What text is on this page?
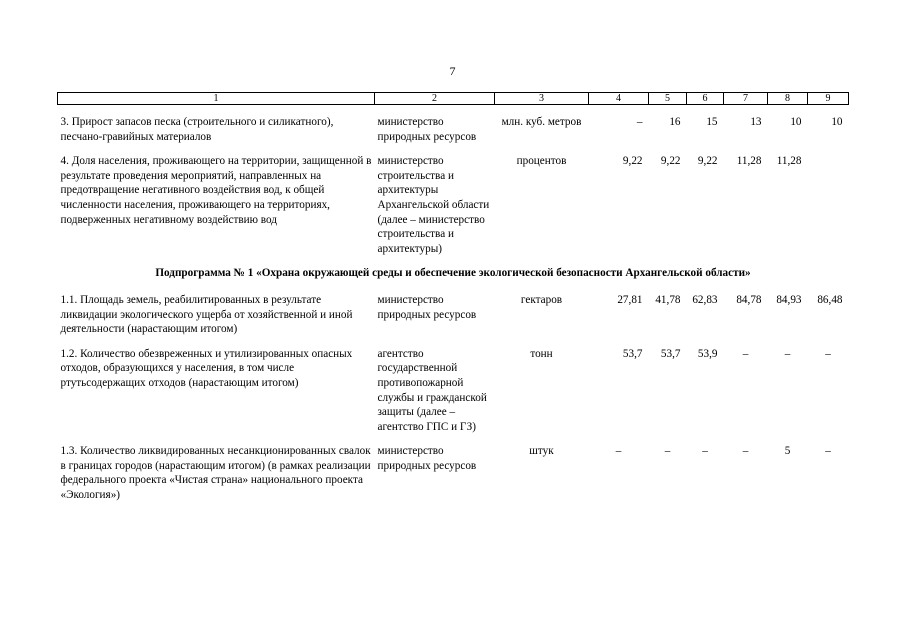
7
1	2	3	4	5	6	7	8	9

3. Прирост запасов песка (строительного и силикатного), песчано-гравийных материалов	министерство природных ресурсов	млн. куб. метров	–	16	15	13	10	10

4. Доля населения, проживающего на территории, защищенной в результате проведения мероприятий, направленных на предотвращение негативного воздействия вод, к общей численности населения, проживающего на территориях, подверженных негативному воздействию вод	министерство строительства и архитектуры Архангельской области (далее – министерство строительства и архитектуры)	процентов	9,22	9,22	9,22	11,28	11,28	
Подпрограмма № 1 «Охрана окружающей среды и обеспечение экологической безопасности Архангельской области»								
1.1. Площадь земель, реабилитированных в результате ликвидации экологического ущерба от хозяйственной и иной деятельности (нарастающим итогом)	министерство природных ресурсов	гектаров	27,81	41,78	62,83	84,78	84,93	86,48

1.2. Количество обезвреженных и утилизированных опасных отходов, образующихся у населения, в том числе ртутьсодержащих отходов (нарастающим итогом)	агентство государственной противопожарной службы и гражданской защиты (далее – агентство ГПС и ГЗ)	тонн	53,7	53,7	53,9	–	–	–

1.3. Количество ликвидированных несанкционированных свалок в границах городов (нарастающим итогом) (в рамках реализации федерального проекта «Чистая страна» национального проекта «Экология»)	министерство природных ресурсов	штук	–	–	–	–	5	–
